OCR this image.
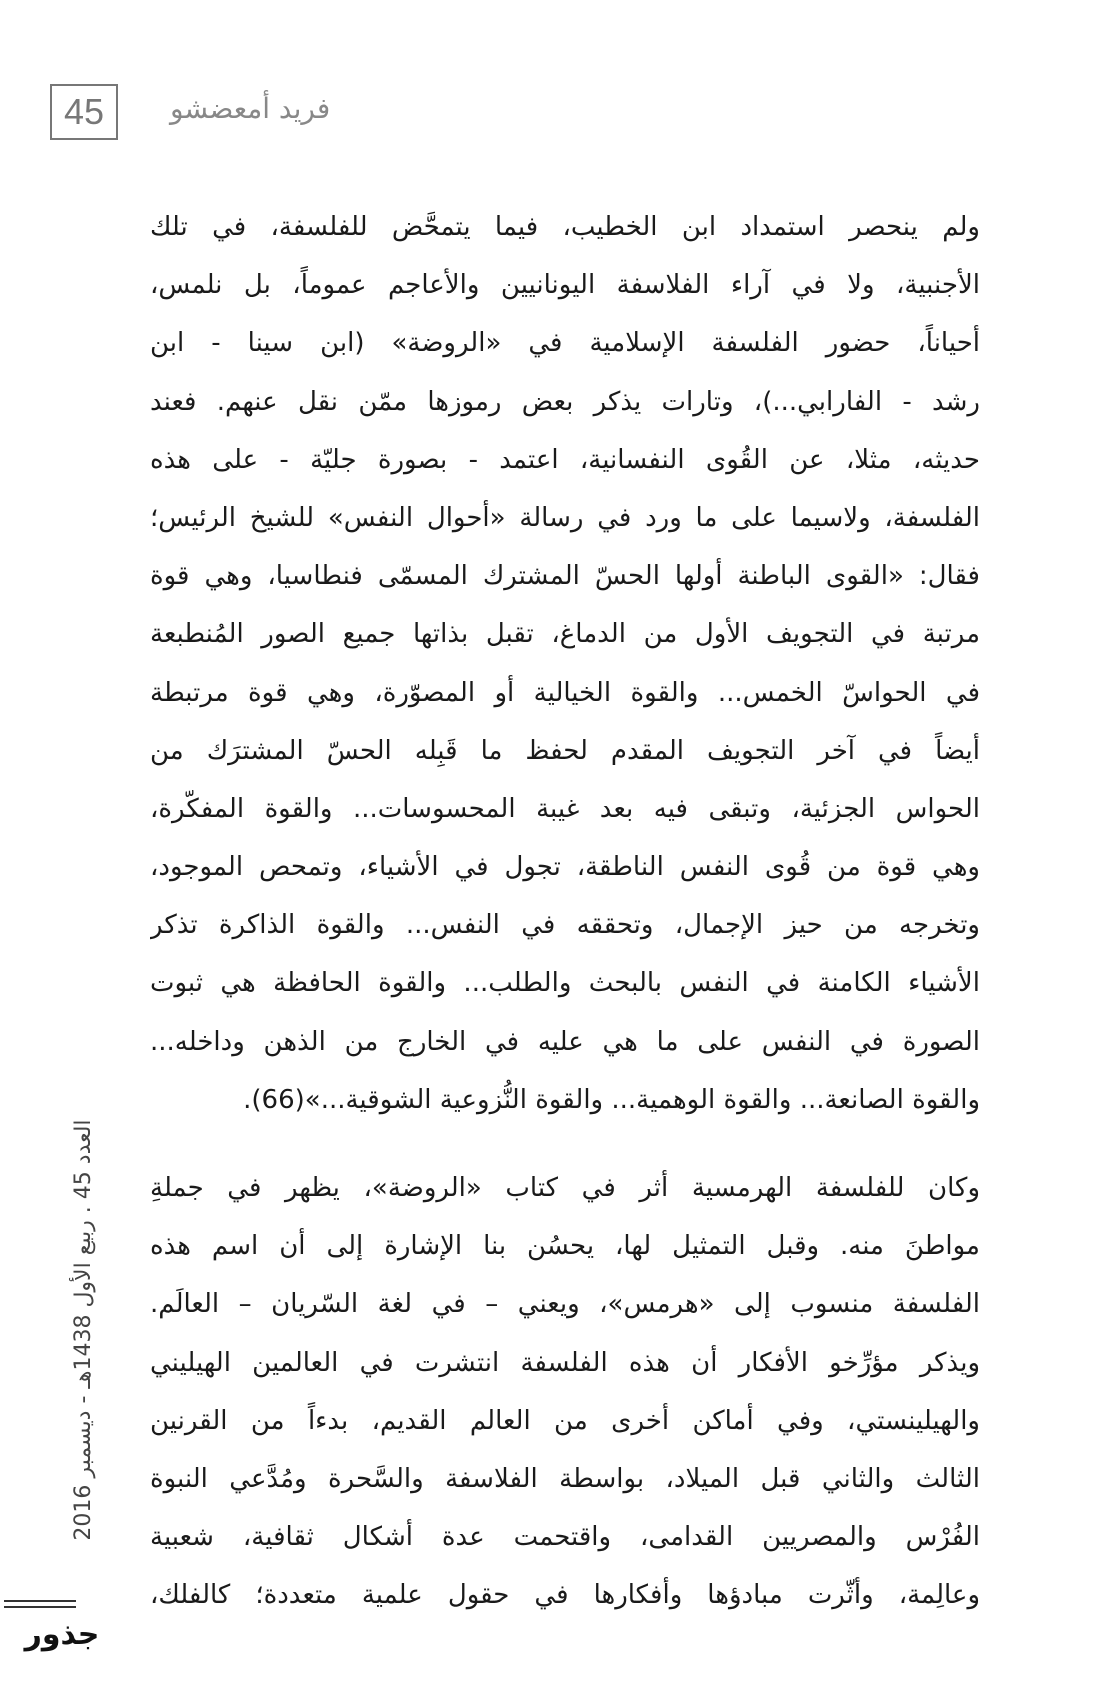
45	فريد أمعضشو
ولم ينحصر استمداد ابن الخطيب، فيما يتمحَّض للفلسفة، في تلك
الأجنبية، ولا في آراء الفلاسفة اليونانيين والأعاجم عموماً، بل نلمس،
أحياناً، حضور الفلسفة الإسلامية في «الروضة» (ابن سينا - ابن
رشد - الفارابي...)، وتارات يذكر بعض رموزها ممّن نقل عنهم. فعند
حديثه، مثلا، عن القُوى النفسانية، اعتمد - بصورة جليّة - على هذه
الفلسفة، ولاسيما على ما ورد في رسالة «أحوال النفس» للشيخ الرئيس؛
فقال: «القوى الباطنة أولها الحسّ المشترك المسمّى فنطاسيا، وهي قوة
مرتبة في التجويف الأول من الدماغ، تقبل بذاتها جميع الصور المُنطبعة
في الحواسّ الخمس... والقوة الخيالية أو المصوّرة، وهي قوة مرتبطة
أيضاً في آخر التجويف المقدم لحفظ ما قَبِله الحسّ المشترَك من
الحواس الجزئية، وتبقى فيه بعد غيبة المحسوسات... والقوة المفكّرة،
وهي قوة من قُوى النفس الناطقة، تجول في الأشياء، وتمحص الموجود،
وتخرجه من حيز الإجمال، وتحققه في النفس... والقوة الذاكرة تذكر
الأشياء الكامنة في النفس بالبحث والطلب... والقوة الحافظة هي ثبوت
الصورة في النفس على ما هي عليه في الخارج من الذهن وداخله...
والقوة الصانعة... والقوة الوهمية... والقوة النُّزوعية الشوقية...»(66).
وكان للفلسفة الهرمسية أثر في كتاب «الروضة»، يظهر في جملةِ
مواطنَ منه. وقبل التمثيل لها، يحسُن بنا الإشارة إلى أن اسم هذه
الفلسفة منسوب إلى «هرمس»، ويعني – في لغة السّريان – العالَم.
ويذكر مؤرِّخو الأفكار أن هذه الفلسفة انتشرت في العالمين الهيليني
والهيلينستي، وفي أماكن أخرى من العالم القديم، بدءاً من القرنين
الثالث والثاني قبل الميلاد، بواسطة الفلاسفة والسَّحرة ومُدَّعي النبوة
الفُرْس والمصريين القدامى، واقتحمت عدة أشكال ثقافية، شعبية
وعالِمة، وأثّرت مبادؤها وأفكارها في حقول علمية متعددة؛ كالفلك،
العدد 45 . ربيع الأول 1438هـ - ديسمبر 2016
جذور
